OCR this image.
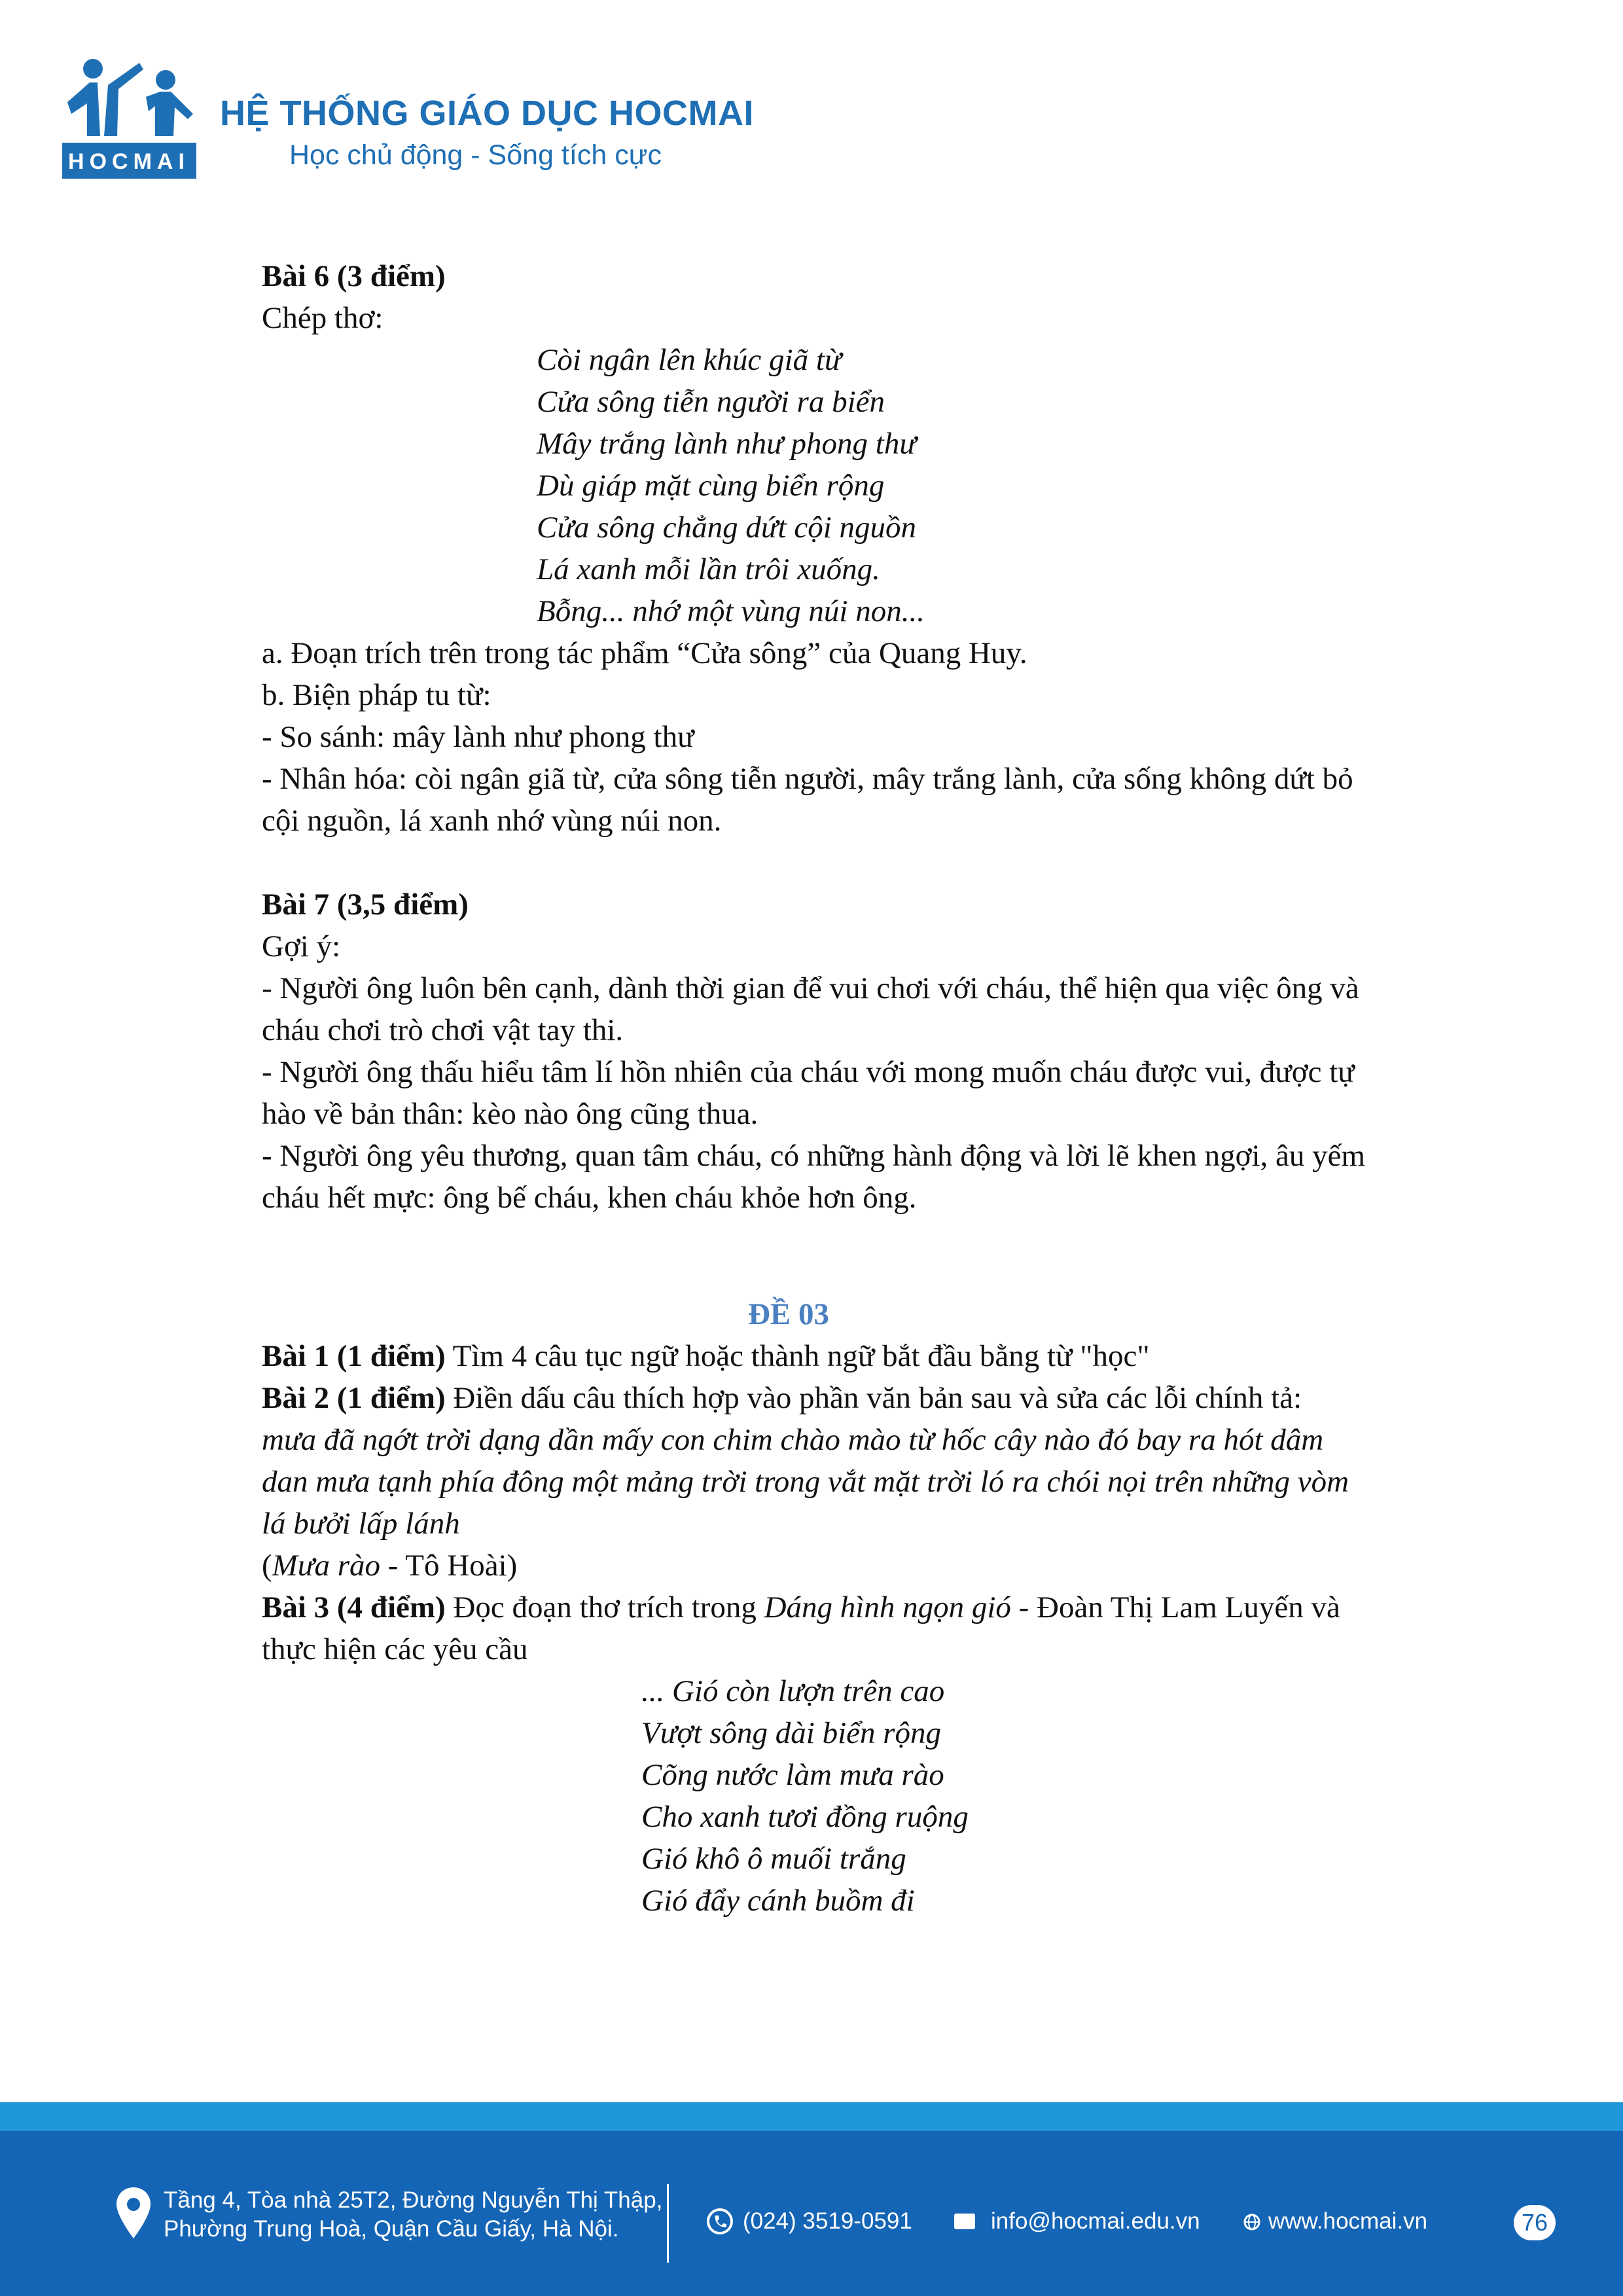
HOCMAI
HỆ THỐNG GIÁO DỤC HOCMAI
Học chủ động - Sống tích cực
Bài 6 (3 điểm)
Chép thơ:
Còi ngân lên khúc giã từ
Cửa sông tiễn người ra biển
Mây trắng lành như phong thư
Dù giáp mặt cùng biển rộng
Cửa sông chẳng dứt cội nguồn
Lá xanh mỗi lần trôi xuống.
Bỗng... nhớ một vùng núi non...
a. Đoạn trích trên trong tác phẩm “Cửa sông” của Quang Huy.
b. Biện pháp tu từ:
- So sánh: mây lành như phong thư
- Nhân hóa: còi ngân giã từ, cửa sông tiễn người, mây trắng lành, cửa sống không dứt bỏ cội nguồn, lá xanh nhớ vùng núi non.
Bài 7 (3,5 điểm)
Gợi ý:
- Người ông luôn bên cạnh, dành thời gian để vui chơi với cháu, thể hiện qua việc ông và cháu chơi trò chơi vật tay thi.
- Người ông thấu hiểu tâm lí hồn nhiên của cháu với mong muốn cháu được vui, được tự hào về bản thân: kèo nào ông cũng thua.
- Người ông yêu thương, quan tâm cháu, có những hành động và lời lẽ khen ngợi, âu yếm cháu hết mực: ông bế cháu, khen cháu khỏe hơn ông.
ĐỀ 03
Bài 1 (1 điểm) Tìm 4 câu tục ngữ hoặc thành ngữ bắt đầu bằng từ "học"
Bài 2 (1 điểm) Điền dấu câu thích hợp vào phần văn bản sau và sửa các lỗi chính tả:
mưa đã ngớt trời dạng dần mấy con chim chào mào từ hốc cây nào đó bay ra hót dâm dan mưa tạnh phía đông một mảng trời trong vắt mặt trời ló ra chói nọi trên những vòm lá bưởi lấp lánh
(Mưa rào - Tô Hoài)
Bài 3 (4 điểm) Đọc đoạn thơ trích trong Dáng hình ngọn gió - Đoàn Thị Lam Luyến và thực hiện các yêu cầu
... Gió còn lượn trên cao
Vượt sông dài biển rộng
Cõng nước làm mưa rào
Cho xanh tươi đồng ruộng
Gió khô ô muối trắng
Gió đẩy cánh buồm đi
Tầng 4, Tòa nhà 25T2, Đường Nguyễn Thị Thập,
Phường Trung Hoà, Quận Cầu Giấy, Hà Nội.	(024) 3519-0591	info@hocmai.edu.vn	www.hocmai.vn	76
